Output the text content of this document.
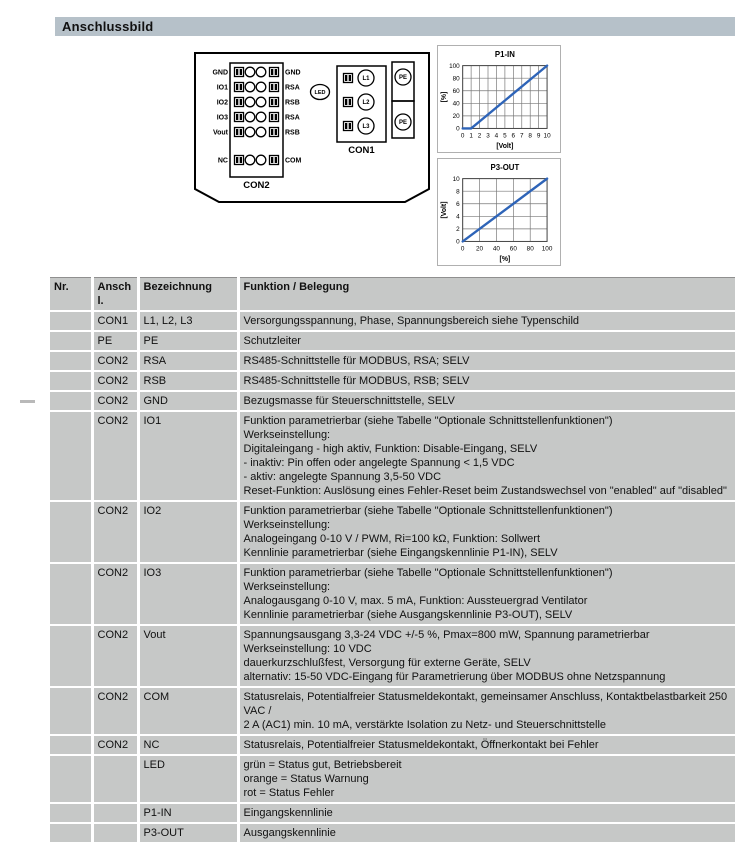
Anschlussbild
GND	GND
IO1	RSA
IO2	RSB
IO3	RSA
Vout	RSB
NC	COM
CON2
LED
L1
L2
L3
CON1
PE
PE
0 1 2 3 4 5 6 7 8 9 10
0
20
40
60
80
100
P1-IN
[Volt]
[%]
0 20 40 60 80 100
0
2
4
6
8
10
P3-OUT
[%]
[Volt]
Nr.	Anschl.	Bezeichnung	Funktion / Belegung
	CON1	L1, L2, L3	Versorgungsspannung, Phase, Spannungsbereich siehe Typenschild

	PE	PE	Schutzleiter

	CON2	RSA	RS485-Schnittstelle für MODBUS, RSA; SELV

	CON2	RSB	RS485-Schnittstelle für MODBUS, RSB; SELV

	CON2	GND	Bezugsmasse für Steuerschnittstelle, SELV

	CON2	IO1	Funktion parametrierbar (siehe Tabelle "Optionale Schnittstellenfunktionen")
Werkseinstellung:
Digitaleingang - high aktiv, Funktion: Disable-Eingang, SELV
- inaktiv: Pin offen oder angelegte Spannung < 1,5 VDC
- aktiv: angelegte Spannung 3,5-50 VDC
Reset-Funktion: Auslösung eines Fehler-Reset beim Zustandswechsel von "enabled" auf "disabled"

	CON2	IO2	Funktion parametrierbar (siehe Tabelle "Optionale Schnittstellenfunktionen")
Werkseinstellung:
Analogeingang 0-10 V / PWM, Ri=100 kΩ, Funktion: Sollwert
Kennlinie parametrierbar (siehe Eingangskennlinie P1-IN), SELV

	CON2	IO3	Funktion parametrierbar (siehe Tabelle "Optionale Schnittstellenfunktionen")
Werkseinstellung:
Analogausgang 0-10 V, max. 5 mA, Funktion: Aussteuergrad Ventilator
Kennlinie parametrierbar (siehe Ausgangskennlinie P3-OUT), SELV

	CON2	Vout	Spannungsausgang 3,3-24 VDC +/-5 %, Pmax=800 mW, Spannung parametrierbar
Werkseinstellung: 10 VDC
dauerkurzschlußfest, Versorgung für externe Geräte, SELV
alternativ: 15-50 VDC-Eingang für Parametrierung über MODBUS ohne Netzspannung

	CON2	COM	Statusrelais, Potentialfreier Statusmeldekontakt, gemeinsamer Anschluss, Kontaktbelastbarkeit 250 VAC /
2 A (AC1) min. 10 mA, verstärkte Isolation zu Netz- und Steuerschnittstelle

	CON2	NC	Statusrelais, Potentialfreier Statusmeldekontakt, Öffnerkontakt bei Fehler

		LED	grün = Status gut, Betriebsbereit
orange = Status Warnung
rot = Status Fehler

		P1-IN	Eingangskennlinie

		P3-OUT	Ausgangskennlinie
